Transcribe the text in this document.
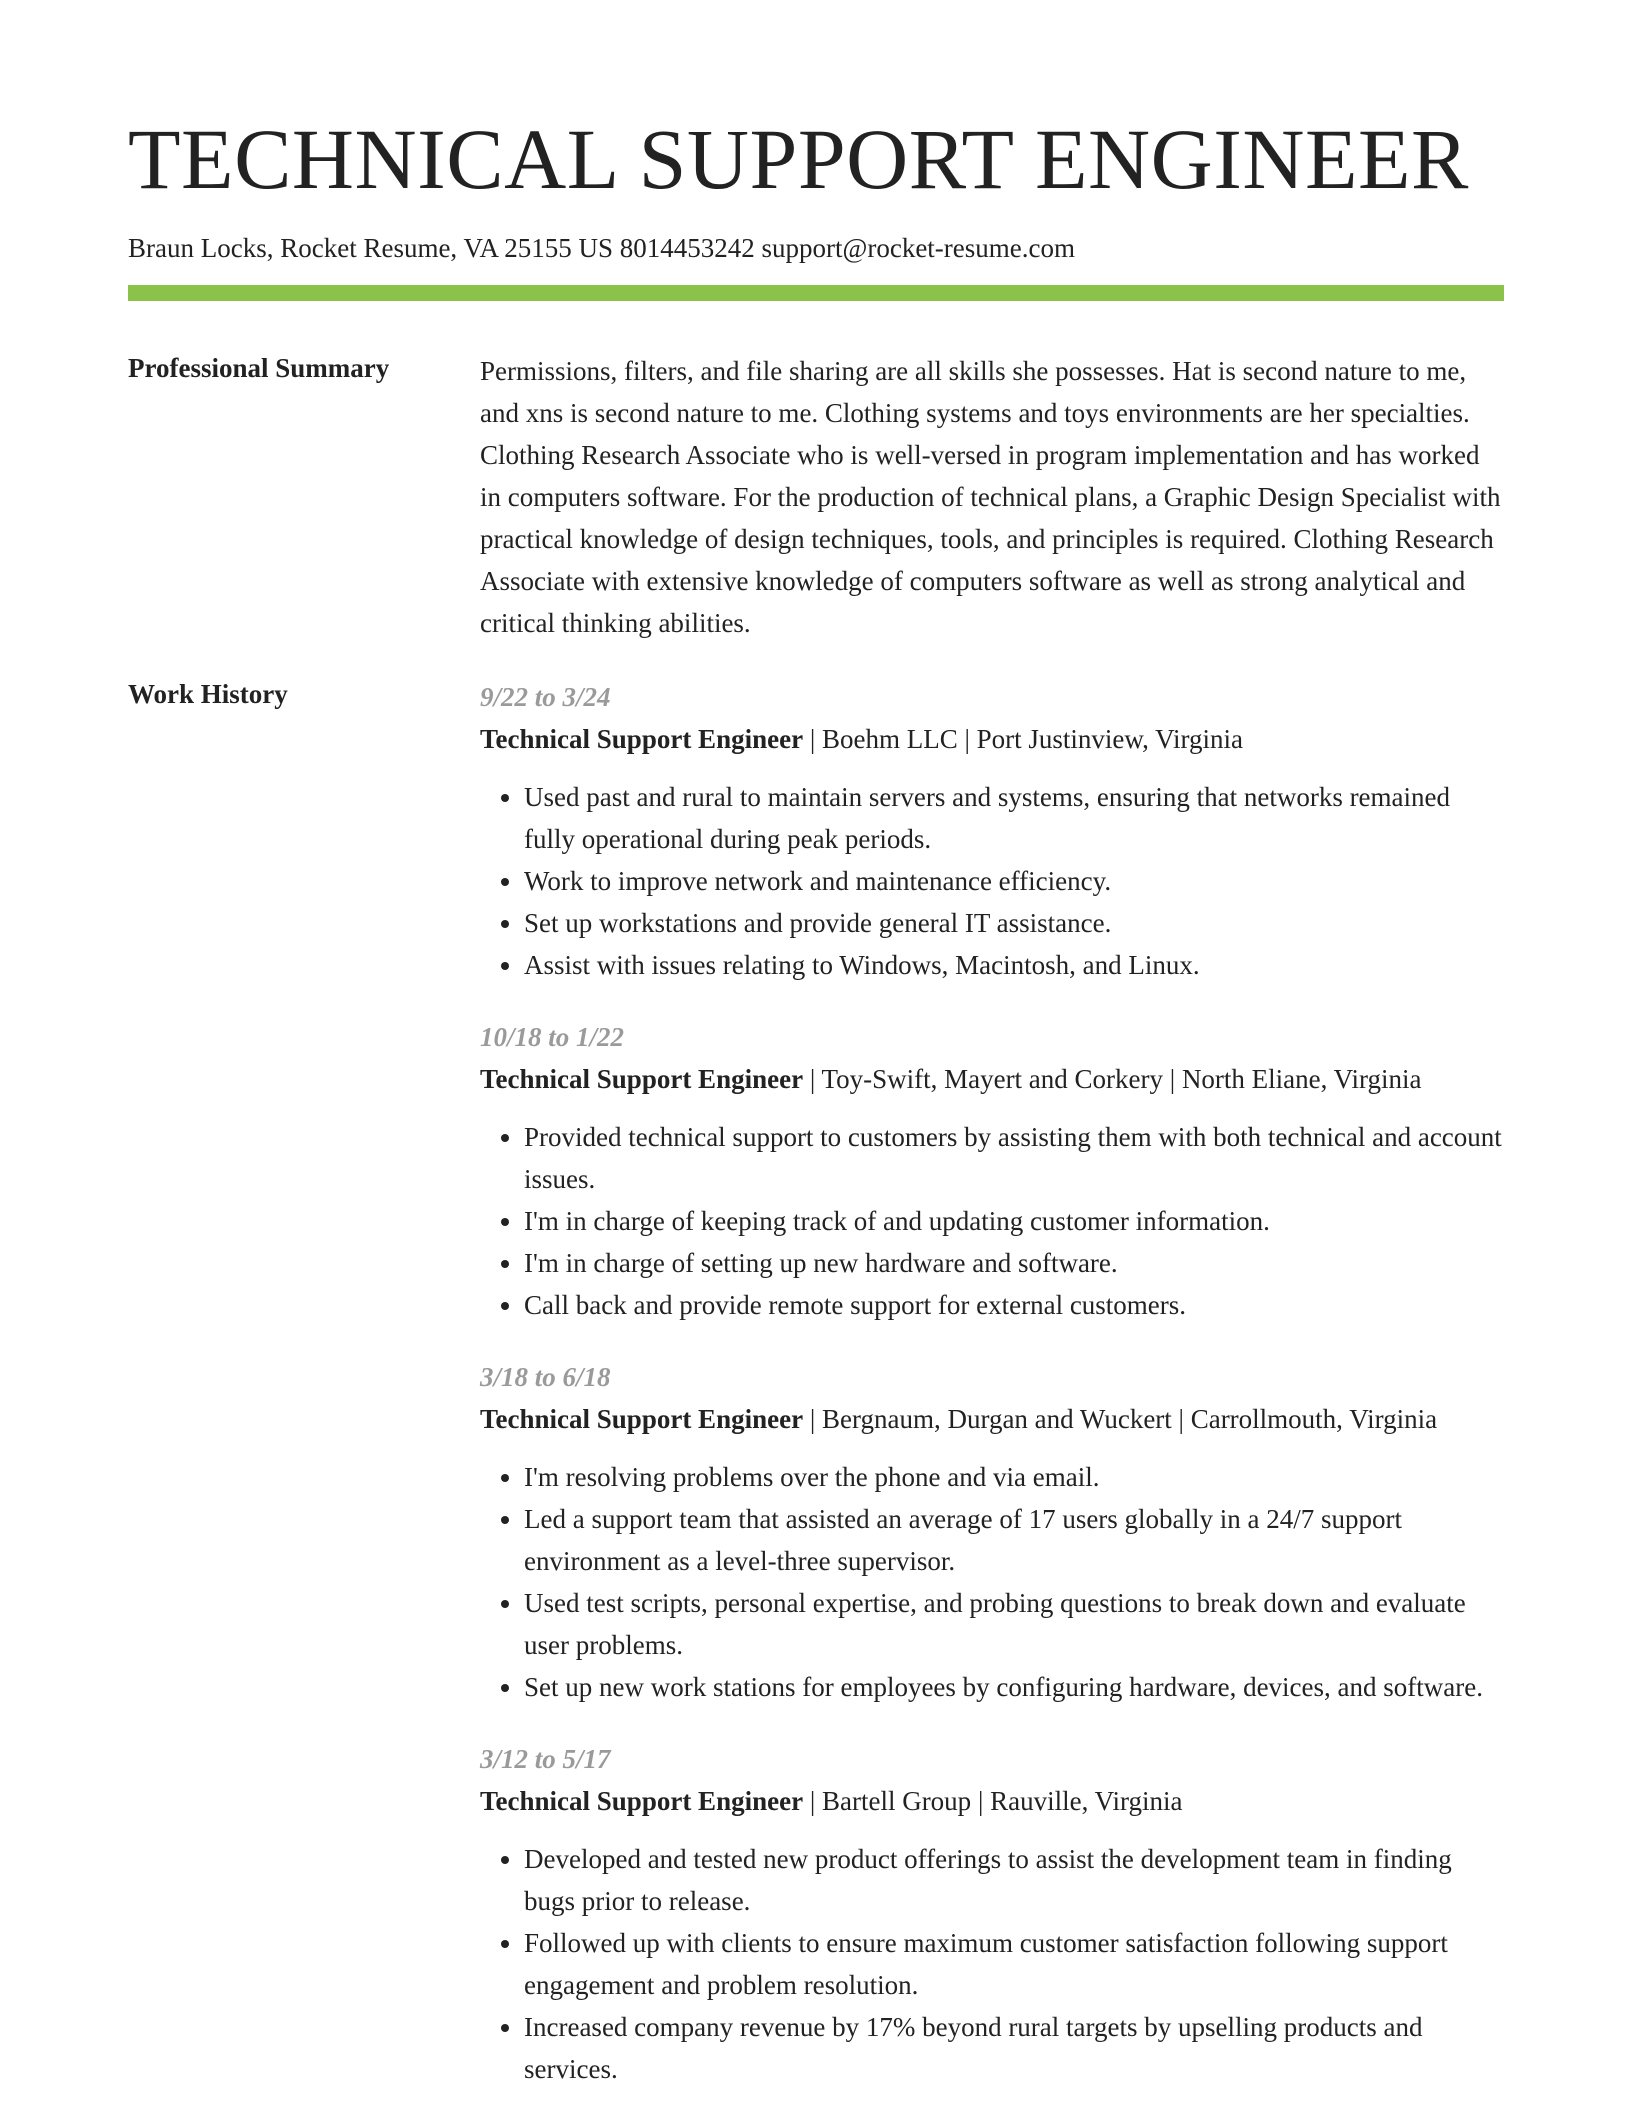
TECHNICAL SUPPORT ENGINEER
Braun Locks, Rocket Resume, VA 25155 US 8014453242 support@rocket-resume.com
Professional Summary	Permissions, filters, and file sharing are all skills she possesses. Hat is second nature to me, and xns is second nature to me. Clothing systems and toys environments are her specialties. Clothing Research Associate who is well-versed in program implementation and has worked in computers software. For the production of technical plans, a Graphic Design Specialist with practical knowledge of design techniques, tools, and principles is required. Clothing Research Associate with extensive knowledge of computers software as well as strong analytical and critical thinking abilities.

Work History	9/22 to 3/24
Technical Support Engineer | Boehm LLC | Port Justinview, Virginia
• Used past and rural to maintain servers and systems, ensuring that networks remained fully operational during peak periods.
• Work to improve network and maintenance efficiency.
• Set up workstations and provide general IT assistance.
• Assist with issues relating to Windows, Macintosh, and Linux.
10/18 to 1/22
Technical Support Engineer | Toy-Swift, Mayert and Corkery | North Eliane, Virginia
• Provided technical support to customers by assisting them with both technical and account issues.
• I'm in charge of keeping track of and updating customer information.
• I'm in charge of setting up new hardware and software.
• Call back and provide remote support for external customers.
3/18 to 6/18
Technical Support Engineer | Bergnaum, Durgan and Wuckert | Carrollmouth, Virginia
• I'm resolving problems over the phone and via email.
• Led a support team that assisted an average of 17 users globally in a 24/7 support environment as a level-three supervisor.
• Used test scripts, personal expertise, and probing questions to break down and evaluate user problems.
• Set up new work stations for employees by configuring hardware, devices, and software.
3/12 to 5/17
Technical Support Engineer | Bartell Group | Rauville, Virginia
• Developed and tested new product offerings to assist the development team in finding bugs prior to release.
• Followed up with clients to ensure maximum customer satisfaction following support engagement and problem resolution.
• Increased company revenue by 17% beyond rural targets by upselling products and services.
